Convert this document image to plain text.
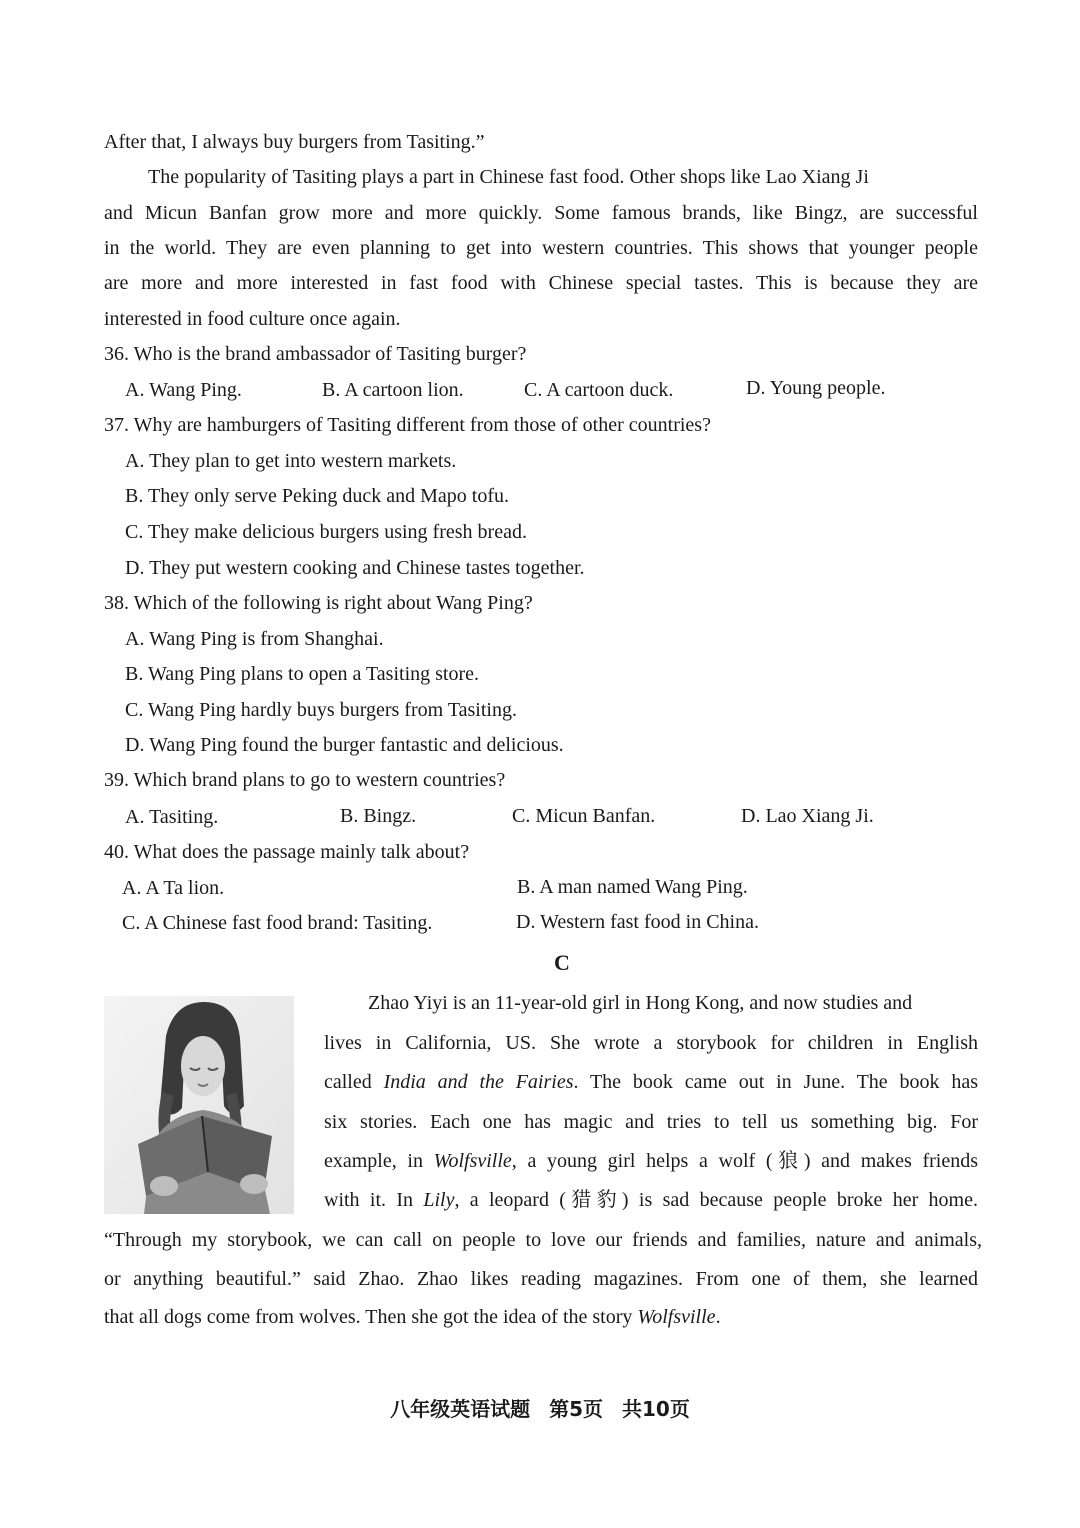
After that, I always buy burgers from Tasiting.”
The popularity of Tasiting plays a part in Chinese fast food. Other shops like Lao Xiang Ji
and Micun Banfan grow more and more quickly. Some famous brands, like Bingz, are successful
in the world. They are even planning to get into western countries. This shows that younger people
are more and more interested in fast food with Chinese special tastes. This is because they are
interested in food culture once again.
36. Who is the brand ambassador of Tasiting burger?
A. Wang Ping.	B. A cartoon lion.	C. A cartoon duck.	D. Young people.
37. Why are hamburgers of Tasiting different from those of other countries?
A. They plan to get into western markets.
B. They only serve Peking duck and Mapo tofu.
C. They make delicious burgers using fresh bread.
D. They put western cooking and Chinese tastes together.
38. Which of the following is right about Wang Ping?
A. Wang Ping is from Shanghai.
B. Wang Ping plans to open a Tasiting store.
C. Wang Ping hardly buys burgers from Tasiting.
D. Wang Ping found the burger fantastic and delicious.
39. Which brand plans to go to western countries?
A. Tasiting.	B. Bingz.	C. Micun Banfan.	D. Lao Xiang Ji.
40. What does the passage mainly talk about?
A. A Ta lion.	B. A man named Wang Ping.
C. A Chinese fast food brand: Tasiting.	D. Western fast food in China.
C
Zhao Yiyi is an 11-year-old girl in Hong Kong, and now studies and
lives in California, US. She wrote a storybook for children in English
called India and the Fairies. The book came out in June. The book has
six stories. Each one has magic and tries to tell us something big. For
example, in Wolfsville, a young girl helps a wolf (狼) and makes friends
with it. In Lily, a leopard (猎豹) is sad because people broke her home.
“Through my storybook, we can call on people to love our friends and families, nature and animals,
or anything beautiful.” said Zhao. Zhao likes reading magazines. From one of them, she learned
that all dogs come from wolves. Then she got the idea of the story Wolfsville.
八年级英语试题 第5页 共10页
